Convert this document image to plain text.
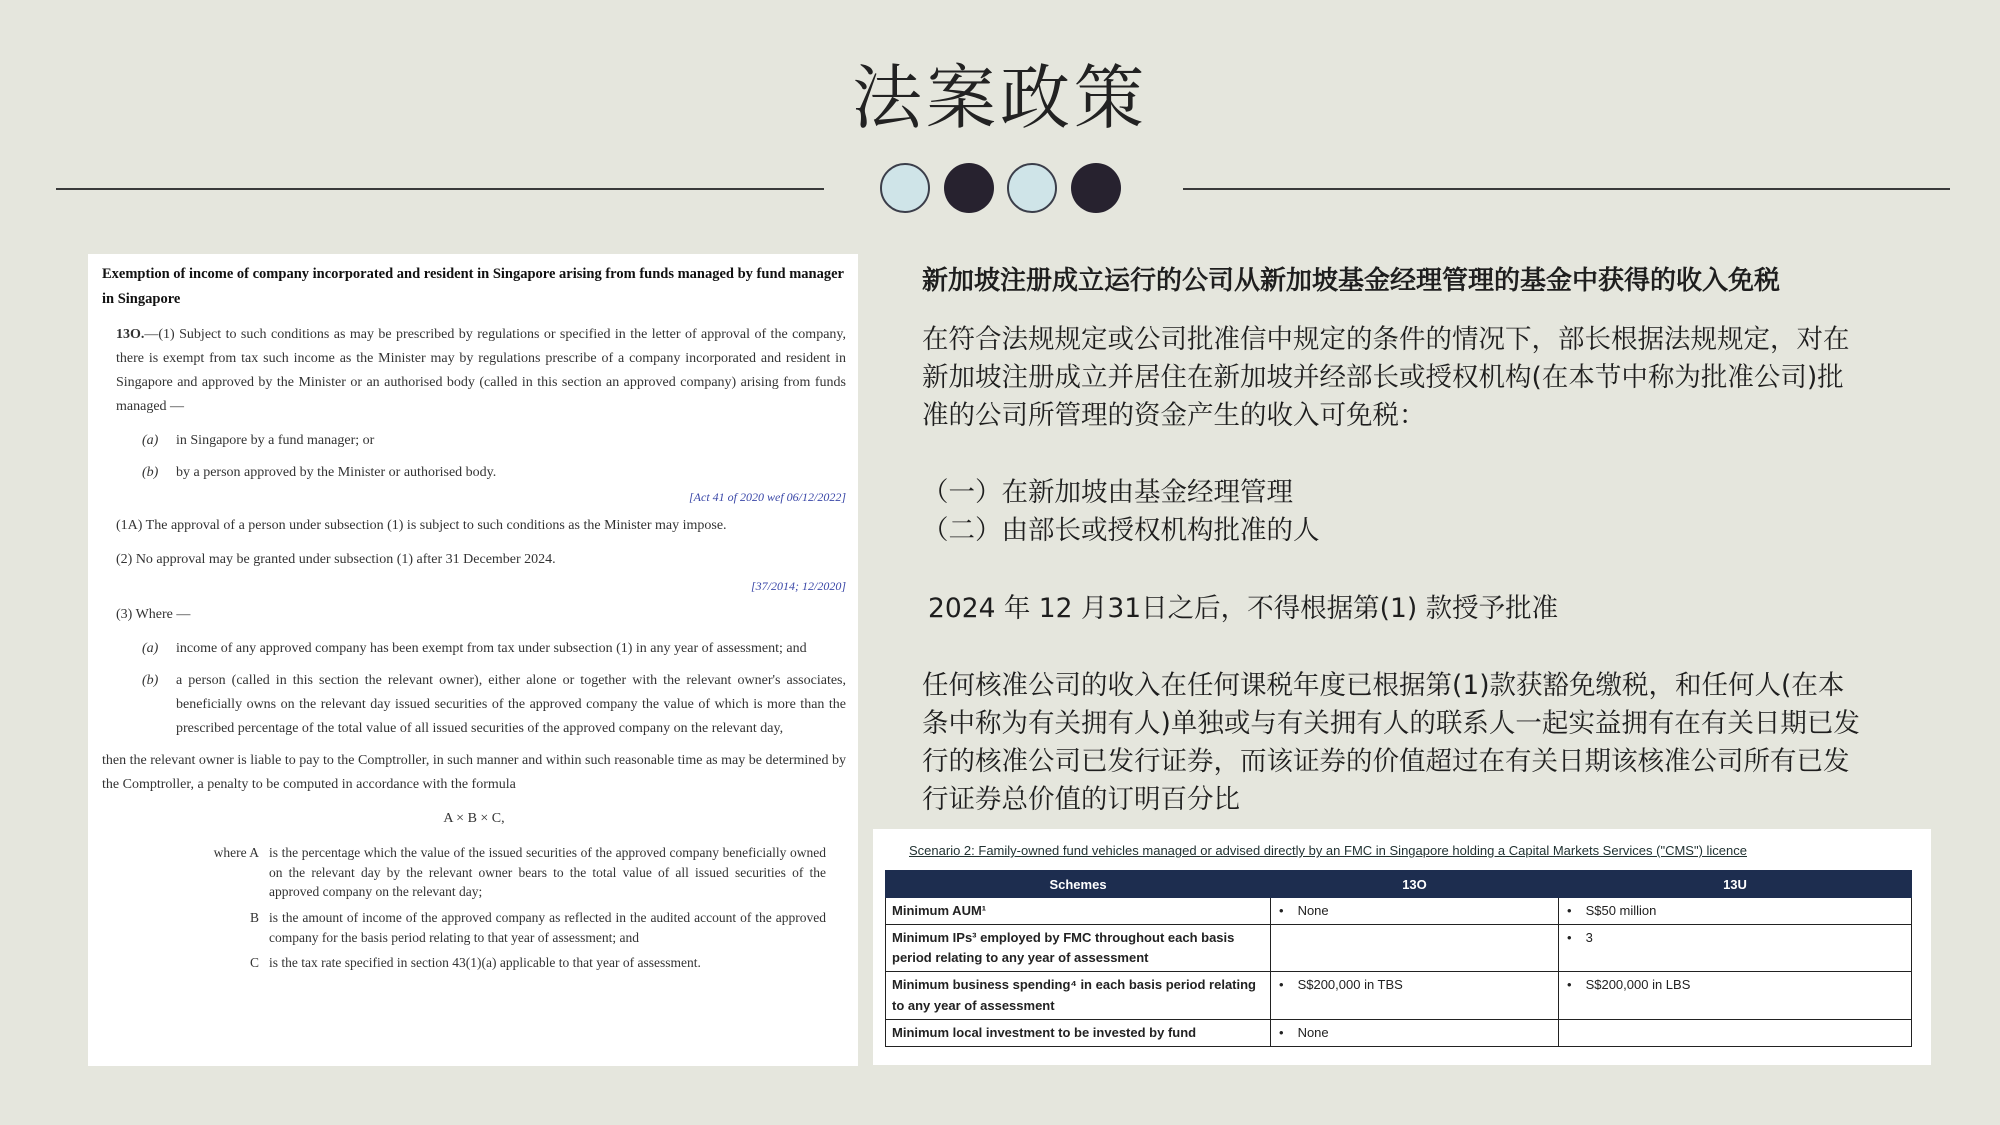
法案政策
Exemption of income of company incorporated and resident in Singapore arising from funds managed by fund manager in Singapore

13O.—(1) Subject to such conditions as may be prescribed by regulations or specified in the letter of approval of the company, there is exempt from tax such income as the Minister may by regulations prescribe of a company incorporated and resident in Singapore and approved by the Minister or an authorised body (called in this section an approved company) arising from funds managed —

(a)	in Singapore by a fund manager; or
(b)	by a person approved by the Minister or authorised body.
[Act 41 of 2020 wef 06/12/2022]

(1A) The approval of a person under subsection (1) is subject to such conditions as the Minister may impose.

(2) No approval may be granted under subsection (1) after 31 December 2024.

[37/2014; 12/2020]

(3) Where —

(a)	income of any approved company has been exempt from tax under subsection (1) in any year of assessment; and
(b)	a person (called in this section the relevant owner), either alone or together with the relevant owner's associates, beneficially owns on the relevant day issued securities of the approved company the value of which is more than the prescribed percentage of the total value of all issued securities of the approved company on the relevant day,

then the relevant owner is liable to pay to the Comptroller, in such manner and within such reasonable time as may be determined by the Comptroller, a penalty to be computed in accordance with the formula

A × B × C,
where A is the percentage which the value of the issued securities of the approved company beneficially owned on the relevant day by the relevant owner bears to the total value of all issued securities of the approved company on the relevant day;
B is the amount of income of the approved company as reflected in the audited account of the approved company for the basis period relating to that year of assessment; and
C is the tax rate specified in section 43(1)(a) applicable to that year of assessment.
新加坡注册成立运行的公司从新加坡基金经理管理的基金中获得的收入免税
在符合法规规定或公司批准信中规定的条件的情况下，部长根据法规规定，对在新加坡注册成立并居住在新加坡并经部长或授权机构(在本节中称为批准公司)批准的公司所管理的资金产生的收入可免税：
（一）在新加坡由基金经理管理
（二）由部长或授权机构批准的人
2024 年 12 月31日之后，不得根据第(1) 款授予批准
任何核准公司的收入在任何课税年度已根据第(1)款获豁免缴税，和任何人(在本条中称为有关拥有人)单独或与有关拥有人的联系人一起实益拥有在有关日期已发行的核准公司已发行证券，而该证券的价值超过在有关日期该核准公司所有已发行证券总价值的订明百分比
Scenario 2: Family-owned fund vehicles managed or advised directly by an FMC in Singapore holding a Capital Markets Services ("CMS") licence
Schemes	13O	13U
Minimum AUM¹	• None	• S$50 million
Minimum IPs³ employed by FMC throughout each basis period relating to any year of assessment		• 3
Minimum business spending⁴ in each basis period relating to any year of assessment	• S$200,000 in TBS	• S$200,000 in LBS
Minimum local investment to be invested by fund	• None	
